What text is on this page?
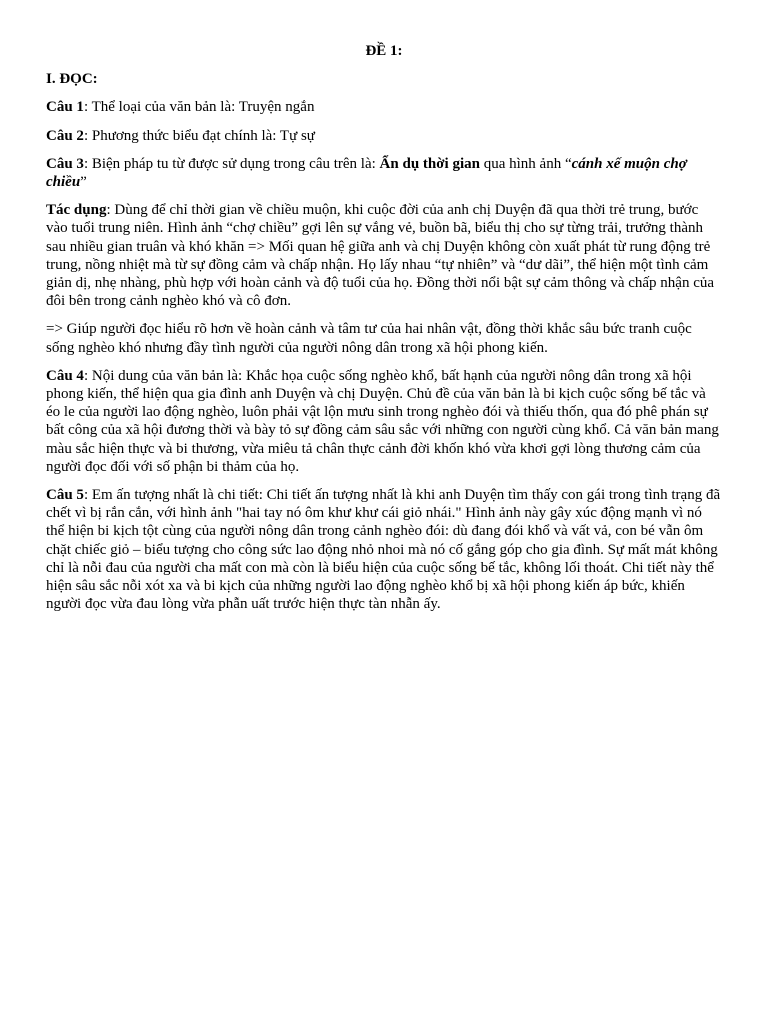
ĐỀ 1:
I. ĐỌC:

Câu 1: Thể loại của văn bản là: Truyện ngắn

Câu 2: Phương thức biểu đạt chính là: Tự sự

Câu 3: Biện pháp tu từ được sử dụng trong câu trên là: Ẩn dụ thời gian qua hình ảnh “cánh xế muộn chợ chiều”

Tác dụng: Dùng để chỉ thời gian về chiều muộn, khi cuộc đời của anh chị Duyện đã qua thời trẻ trung, bước vào tuổi trung niên. Hình ảnh “chợ chiều” gợi lên sự vắng vẻ, buồn bã, biểu thị cho sự từng trải, trưởng thành sau nhiều gian truân và khó khăn => Mối quan hệ giữa anh và chị Duyện không còn xuất phát từ rung động trẻ trung, nồng nhiệt mà từ sự đồng cảm và chấp nhận. Họ lấy nhau “tự nhiên” và “dư dãi”, thể hiện một tình cảm giản dị, nhẹ nhàng, phù hợp với hoàn cảnh và độ tuổi của họ. Đồng thời nổi bật sự cảm thông và chấp nhận của đôi bên trong cảnh nghèo khó và cô đơn.

=> Giúp người đọc hiểu rõ hơn về hoàn cảnh và tâm tư của hai nhân vật, đồng thời khắc sâu bức tranh cuộc sống nghèo khó nhưng đầy tình người của người nông dân trong xã hội phong kiến.

Câu 4: Nội dung của văn bản là: Khắc họa cuộc sống nghèo khổ, bất hạnh của người nông dân trong xã hội phong kiến, thể hiện qua gia đình anh Duyện và chị Duyện. Chủ đề của văn bản là bi kịch cuộc sống bế tắc và éo le của người lao động nghèo, luôn phải vật lộn mưu sinh trong nghèo đói và thiếu thốn, qua đó phê phán sự bất công của xã hội đương thời và bày tỏ sự đồng cảm sâu sắc với những con người cùng khổ. Cả văn bản mang màu sắc hiện thực và bi thương, vừa miêu tả chân thực cảnh đời khốn khó vừa khơi gợi lòng thương cảm của người đọc đối với số phận bi thảm của họ.

Câu 5: Em ấn tượng nhất là chi tiết: Chi tiết ấn tượng nhất là khi anh Duyện tìm thấy con gái trong tình trạng đã chết vì bị rắn cắn, với hình ảnh "hai tay nó ôm khư khư cái giỏ nhái." Hình ảnh này gây xúc động mạnh vì nó thể hiện bi kịch tột cùng của người nông dân trong cảnh nghèo đói: dù đang đói khổ và vất vả, con bé vẫn ôm chặt chiếc giỏ – biểu tượng cho công sức lao động nhỏ nhoi mà nó cố gắng góp cho gia đình. Sự mất mát không chỉ là nỗi đau của người cha mất con mà còn là biểu hiện của cuộc sống bế tắc, không lối thoát. Chi tiết này thể hiện sâu sắc nỗi xót xa và bi kịch của những người lao động nghèo khổ bị xã hội phong kiến áp bức, khiến người đọc vừa đau lòng vừa phẫn uất trước hiện thực tàn nhẫn ấy.
